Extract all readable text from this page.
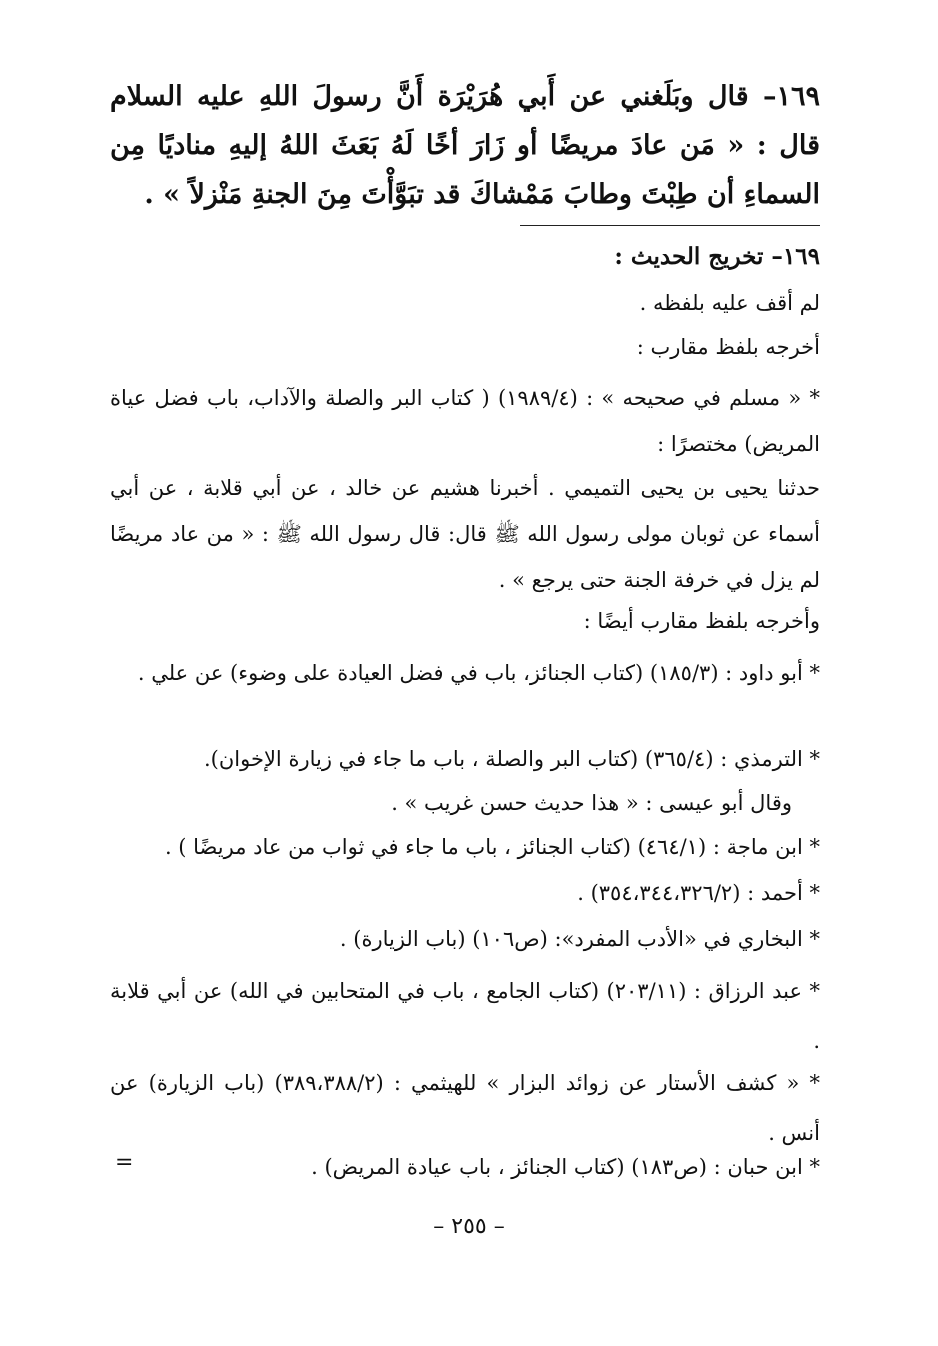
١٦٩– قال وبَلَغني عن أَبي هُرَيْرَة أَنَّ رسولَ اللهِ عليه السلام قال : « مَن عادَ مريضًا أو زَارَ أخًا لَهُ بَعَثَ اللهُ إليهِ مناديًا مِن السماءِ أن طِبْتَ وطابَ مَمْشاكَ قد تبَوَّأْتَ مِنَ الجنةِ مَنْزلاً » .

١٦٩– تخريج الحديث :

لم أقف عليه بلفظه .

أخرجه بلفظ مقارب :

* « مسلم في صحيحه » : (١٩٨٩/٤) ( كتاب البر والصلة والآداب، باب فضل عياة المريض) مختصرًا :

حدثنا يحيى بن يحيى التميمي . أخبرنا هشيم عن خالد ، عن أبي قلابة ، عن أبي أسماء عن ثوبان مولى رسول الله ﷺ قال: قال رسول الله ﷺ : « من عاد مريضًا لم يزل في خرفة الجنة حتى يرجع » .

وأخرجه بلفظ مقارب أيضًا :

* أبو داود : (١٨٥/٣) (كتاب الجنائز، باب في فضل العيادة على وضوء) عن علي .

* الترمذي : (٣٦٥/٤) (كتاب البر والصلة ، باب ما جاء في زيارة الإخوان).

وقال أبو عيسى : « هذا حديث حسن غريب » .

* ابن ماجة : (٤٦٤/١) (كتاب الجنائز ، باب ما جاء في ثواب من عاد مريضًا ) .

* أحمد : (٣٥٤،٣٤٤،٣٢٦/٢) .

* البخاري في «الأدب المفرد»: (ص١٠٦) (باب الزيارة) .

* عبد الرزاق : (٢٠٣/١١) (كتاب الجامع ، باب في المتحابين في الله) عن أبي قلابة .

* « كشف الأستار عن زوائد البزار » للهيثمي : (٣٨٩،٣٨٨/٢) (باب الزيارة) عن أنس .

* ابن حبان : (ص١٨٣) (كتاب الجنائز ، باب عيادة المريض) .

=
– ٢٥٥ –
